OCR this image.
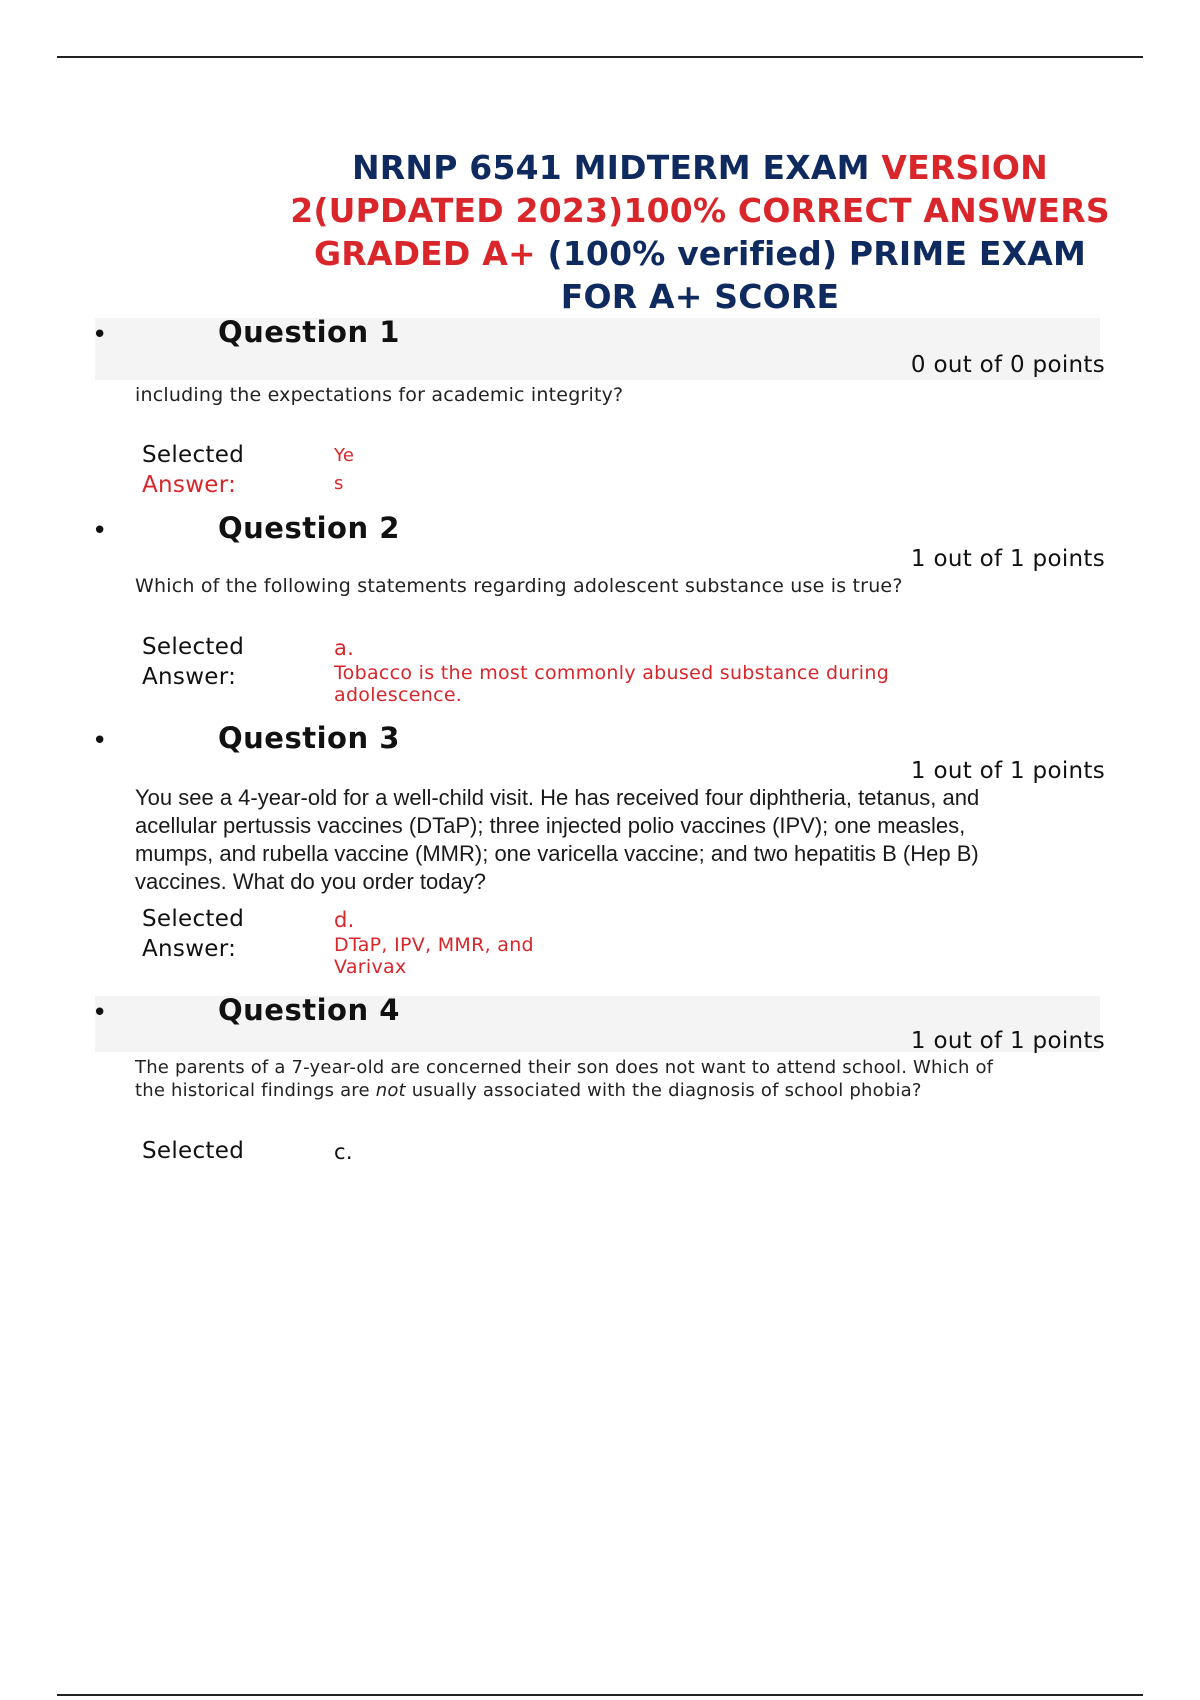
NRNP 6541 MIDTERM EXAM VERSION 2(UPDATED 2023)100% CORRECT ANSWERS GRADED A+ (100% verified) PRIME EXAM FOR A+ SCORE
•	Question 1
0 out of 0 points
including the expectations for academic integrity?
Selected
Answer:
Ye
s
•	Question 2
1 out of 1 points
Which of the following statements regarding adolescent substance use is true?
Selected
Answer:
a.
Tobacco is the most commonly abused substance during adolescence.
•	Question 3
1 out of 1 points
You see a 4-year-old for a well-child visit. He has received four diphtheria, tetanus, and acellular pertussis vaccines (DTaP); three injected polio vaccines (IPV); one measles, mumps, and rubella vaccine (MMR); one varicella vaccine; and two hepatitis B (Hep B) vaccines. What do you order today?
Selected
Answer:
d.
DTaP, IPV, MMR, and Varivax
•	Question 4
1 out of 1 points
The parents of a 7-year-old are concerned their son does not want to attend school. Which of the historical findings are not usually associated with the diagnosis of school phobia?
Selected	c.
